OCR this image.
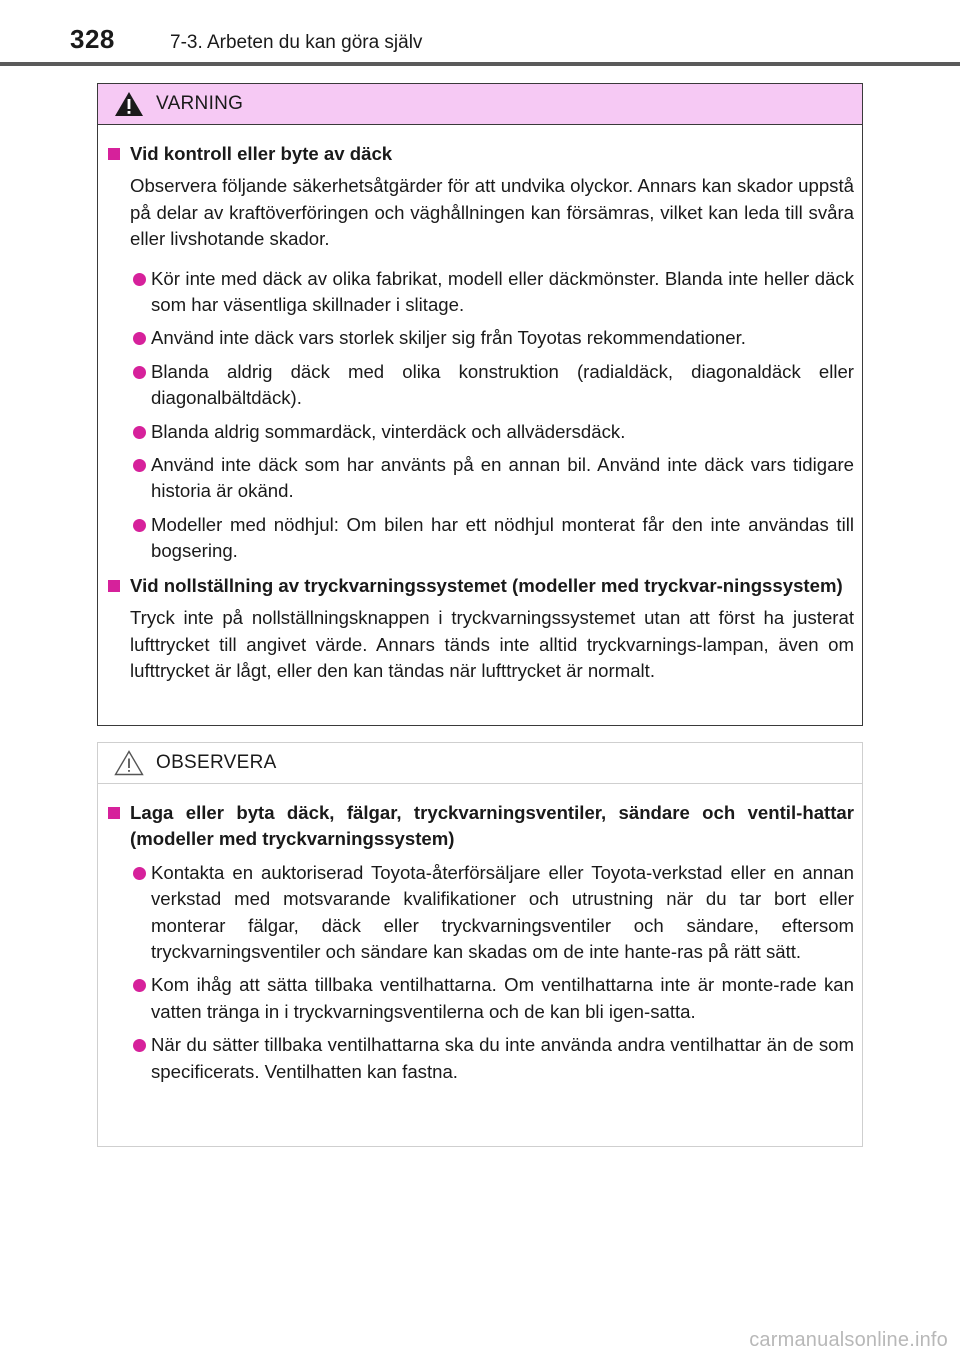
328	7-3. Arbeten du kan göra själv
VARNING
Vid kontroll eller byte av däck
Observera följande säkerhetsåtgärder för att undvika olyckor. Annars kan skador uppstå på delar av kraftöverföringen och väghållningen kan försämras, vilket kan leda till svåra eller livshotande skador.
Kör inte med däck av olika fabrikat, modell eller däckmönster. Blanda inte heller däck som har väsentliga skillnader i slitage.
Använd inte däck vars storlek skiljer sig från Toyotas rekommendationer.
Blanda aldrig däck med olika konstruktion (radialdäck, diagonaldäck eller diagonalbältdäck).
Blanda aldrig sommardäck, vinterdäck och allvädersdäck.
Använd inte däck som har använts på en annan bil. Använd inte däck vars tidigare historia är okänd.
Modeller med nödhjul: Om bilen har ett nödhjul monterat får den inte användas till bogsering.
Vid nollställning av tryckvarningssystemet (modeller med tryckvar-ningssystem)
Tryck inte på nollställningsknappen i tryckvarningssystemet utan att först ha justerat lufttrycket till angivet värde. Annars tänds inte alltid tryckvarnings-lampan, även om lufttrycket är lågt, eller den kan tändas när lufttrycket är normalt.
OBSERVERA
Laga eller byta däck, fälgar, tryckvarningsventiler, sändare och ventil-hattar (modeller med tryckvarningssystem)
Kontakta en auktoriserad Toyota-återförsäljare eller Toyota-verkstad eller en annan verkstad med motsvarande kvalifikationer och utrustning när du tar bort eller monterar fälgar, däck eller tryckvarningsventiler och sändare, eftersom tryckvarningsventiler och sändare kan skadas om de inte hante-ras på rätt sätt.
Kom ihåg att sätta tillbaka ventilhattarna. Om ventilhattarna inte är monte-rade kan vatten tränga in i tryckvarningsventilerna och de kan bli igen-satta.
När du sätter tillbaka ventilhattarna ska du inte använda andra ventilhattar än de som specificerats. Ventilhatten kan fastna.
carmanualsonline.info
